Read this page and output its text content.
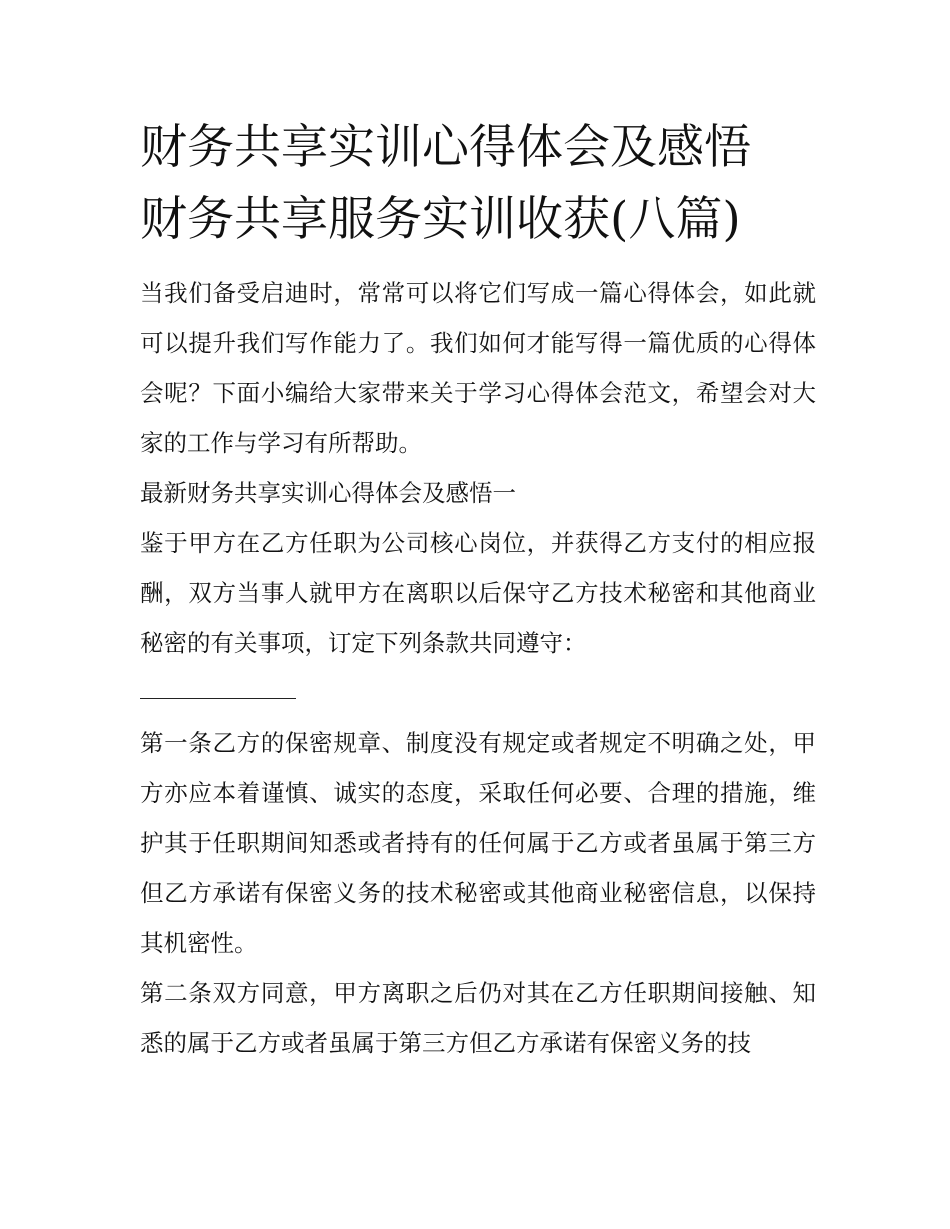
财务共享实训心得体会及感悟
财务共享服务实训收获(八篇)

当我们备受启迪时，常常可以将它们写成一篇心得体会，如此就可以提升我们写作能力了。我们如何才能写得一篇优质的心得体会呢？下面小编给大家带来关于学习心得体会范文，希望会对大家的工作与学习有所帮助。

最新财务共享实训心得体会及感悟一

鉴于甲方在乙方任职为公司核心岗位，并获得乙方支付的相应报酬，双方当事人就甲方在离职以后保守乙方技术秘密和其他商业秘密的有关事项，订定下列条款共同遵守：

第一条乙方的保密规章、制度没有规定或者规定不明确之处，甲方亦应本着谨慎、诚实的态度，采取任何必要、合理的措施，维护其于任职期间知悉或者持有的任何属于乙方或者虽属于第三方但乙方承诺有保密义务的技术秘密或其他商业秘密信息，以保持其机密性。

第二条双方同意，甲方离职之后仍对其在乙方任职期间接触、知悉的属于乙方或者虽属于第三方但乙方承诺有保密义务的技
